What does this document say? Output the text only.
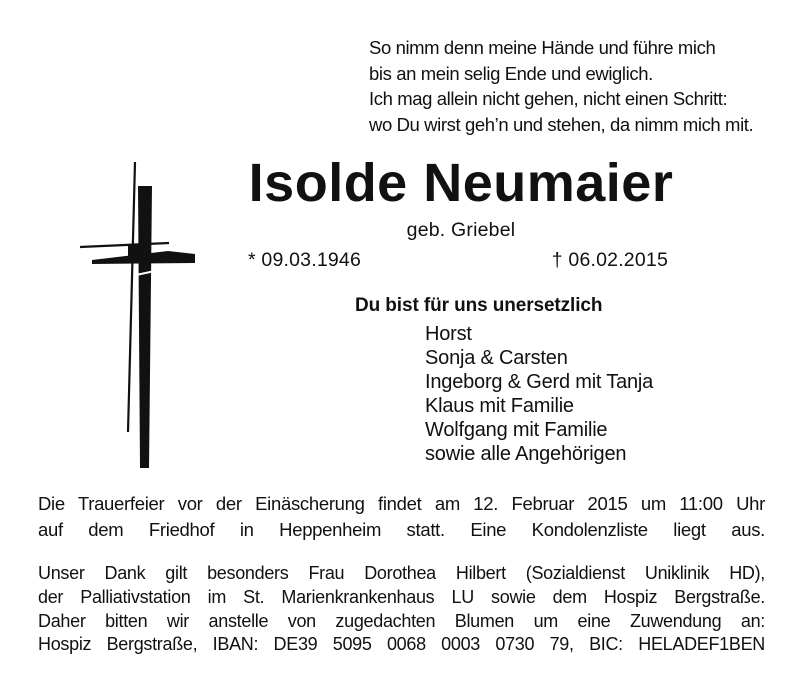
So nimm denn meine Hände und führe mich
bis an mein selig Ende und ewiglich.
Ich mag allein nicht gehen, nicht einen Schritt:
wo Du wirst geh’n und stehen, da nimm mich mit.
Isolde Neumaier
geb. Griebel
* 09.03.1946	† 06.02.2015
Du bist für uns unersetzlich
Horst
Sonja & Carsten
Ingeborg & Gerd mit Tanja
Klaus mit Familie
Wolfgang mit Familie
sowie alle Angehörigen
Die Trauerfeier vor der Einäscherung findet am 12. Februar 2015 um 11:00 Uhr
auf dem Friedhof in Heppenheim statt. Eine Kondolenzliste liegt aus.
Unser Dank gilt besonders Frau Dorothea Hilbert (Sozialdienst Uniklinik HD),
der Palliativstation im St. Marienkrankenhaus LU sowie dem Hospiz Bergstraße.
Daher bitten wir anstelle von zugedachten Blumen um eine Zuwendung an:
Hospiz Bergstraße, IBAN: DE39 5095 0068 0003 0730 79, BIC: HELADEF1BEN
